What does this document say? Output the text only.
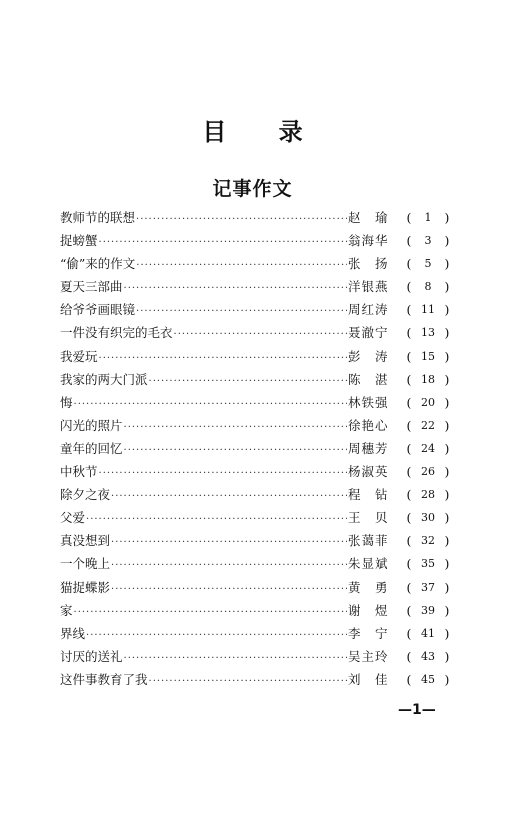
目 录
记事作文
教师节的联想 ·····	赵　瑜	(	1	)
捉螃蟹 ·····	翁海华	(	3	)
“偷”来的作文 ·····	张　扬	(	5	)
夏天三部曲 ·····	洋银燕	(	8	)
给爷爷画眼镜 ·····	周红涛	( 11 )
一件没有织完的毛衣 ·····	聂澈宁	( 13 )
我爱玩 ·····	彭　涛	( 15 )
我家的两大门派 ·····	陈　湛	( 18 )
悔 ·····	林铁强	( 20 )
闪光的照片 ·····	徐艳心	( 22 )
童年的回忆 ·····	周穗芳	( 24 )
中秋节 ·····	杨淑英	( 26 )
除夕之夜 ·····	程　钻	( 28 )
父爱 ·····	王　贝	( 30 )
真没想到 ·····	张蔼菲	( 32 )
一个晚上 ·····	朱显斌	( 35 )
猫捉蝶影 ·····	黄　勇	( 37 )
家 ·····	谢　煜	( 39 )
界线 ·····	李　宁	( 41 )
讨厌的送礼 ·····	吴主玲	( 43 )
这件事教育了我 ·····	刘　佳	( 45 )
—1—
